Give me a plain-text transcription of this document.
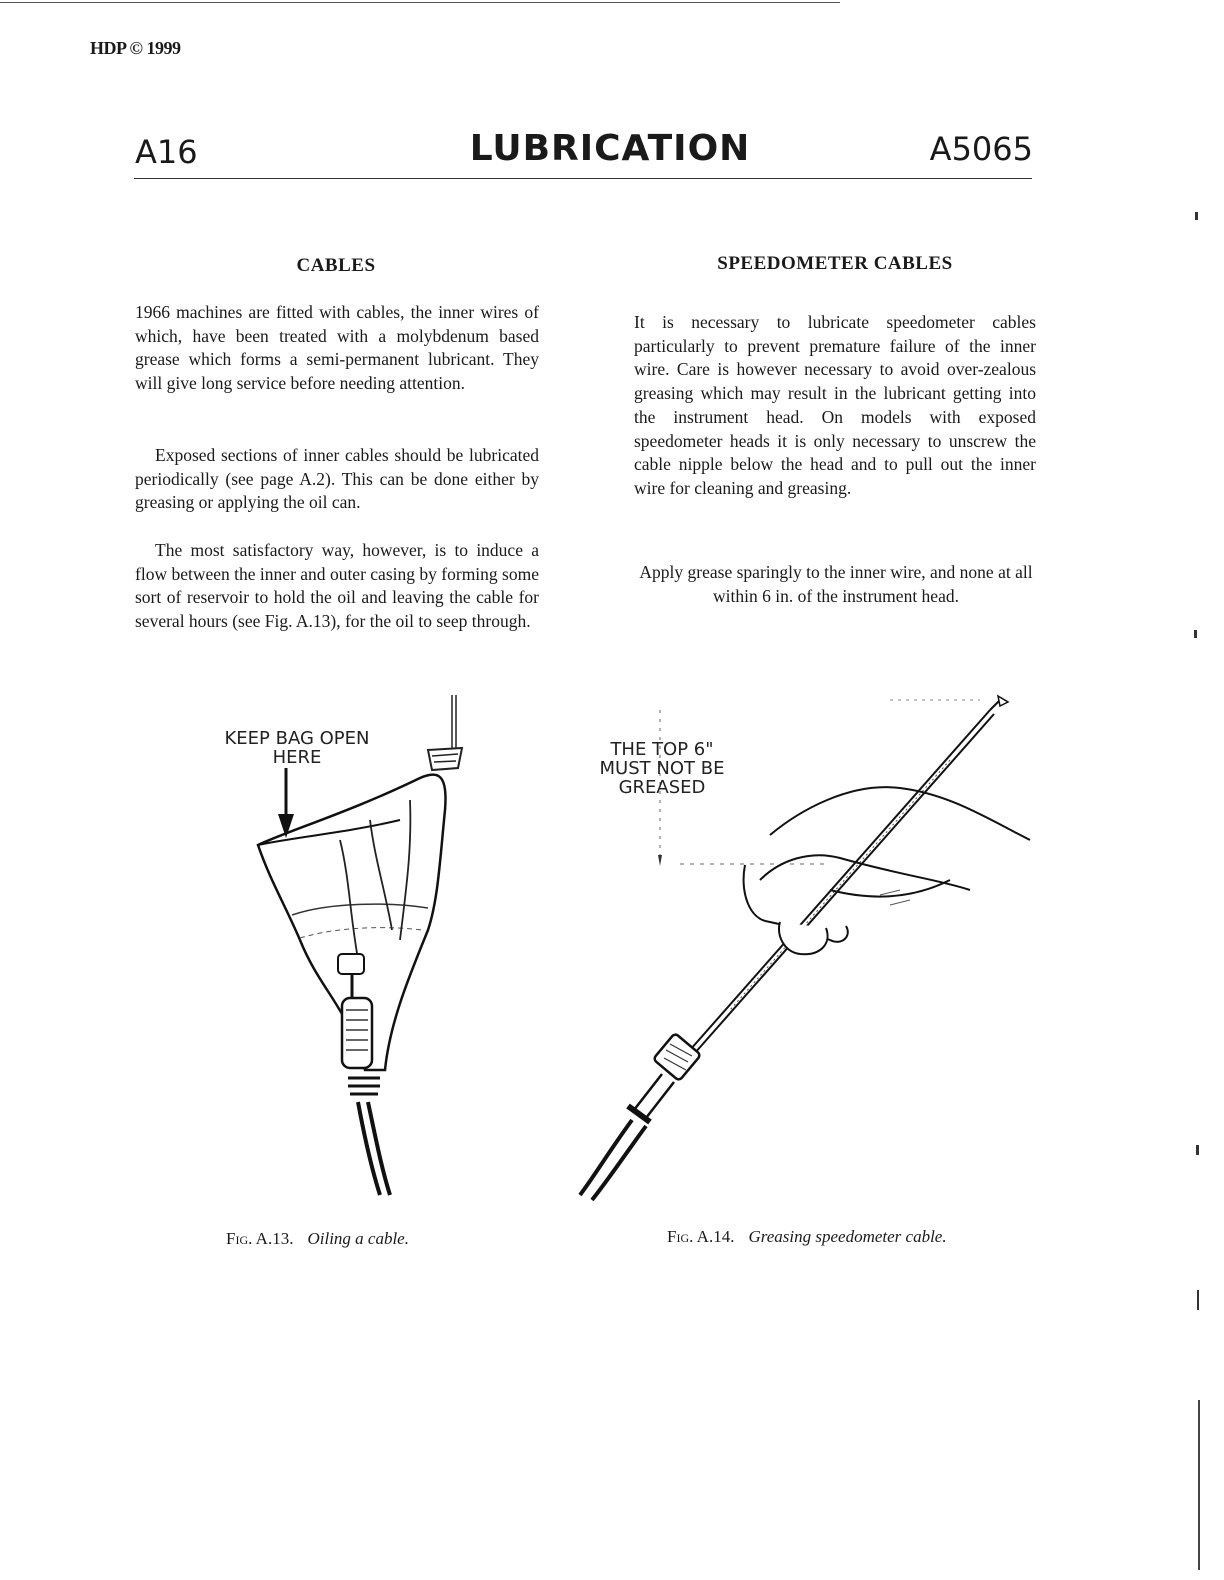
HDP © 1999
A16	LUBRICATION	A5065
CABLES
1966 machines are fitted with cables, the inner wires of which, have been treated with a molybdenum based grease which forms a semi-permanent lubricant. They will give long service before needing attention.
Exposed sections of inner cables should be lubricated periodically (see page A.2). This can be done either by greasing or applying the oil can.
The most satisfactory way, however, is to induce a flow between the inner and outer casing by forming some sort of reservoir to hold the oil and leaving the cable for several hours (see Fig. A.13), for the oil to seep through.
SPEEDOMETER CABLES
It is necessary to lubricate speedometer cables particularly to prevent premature failure of the inner wire. Care is however necessary to avoid over-zealous greasing which may result in the lubricant getting into the instrument head. On models with exposed speedometer heads it is only necessary to unscrew the cable nipple below the head and to pull out the inner wire for cleaning and greasing.
Apply grease sparingly to the inner wire, and none at all within 6 in. of the instrument head.
KEEP BAG OPEN
HERE	THE TOP 6"
MUST NOT BE
GREASED
Fig. A.13. Oiling a cable.	Fig. A.14. Greasing speedometer cable.
